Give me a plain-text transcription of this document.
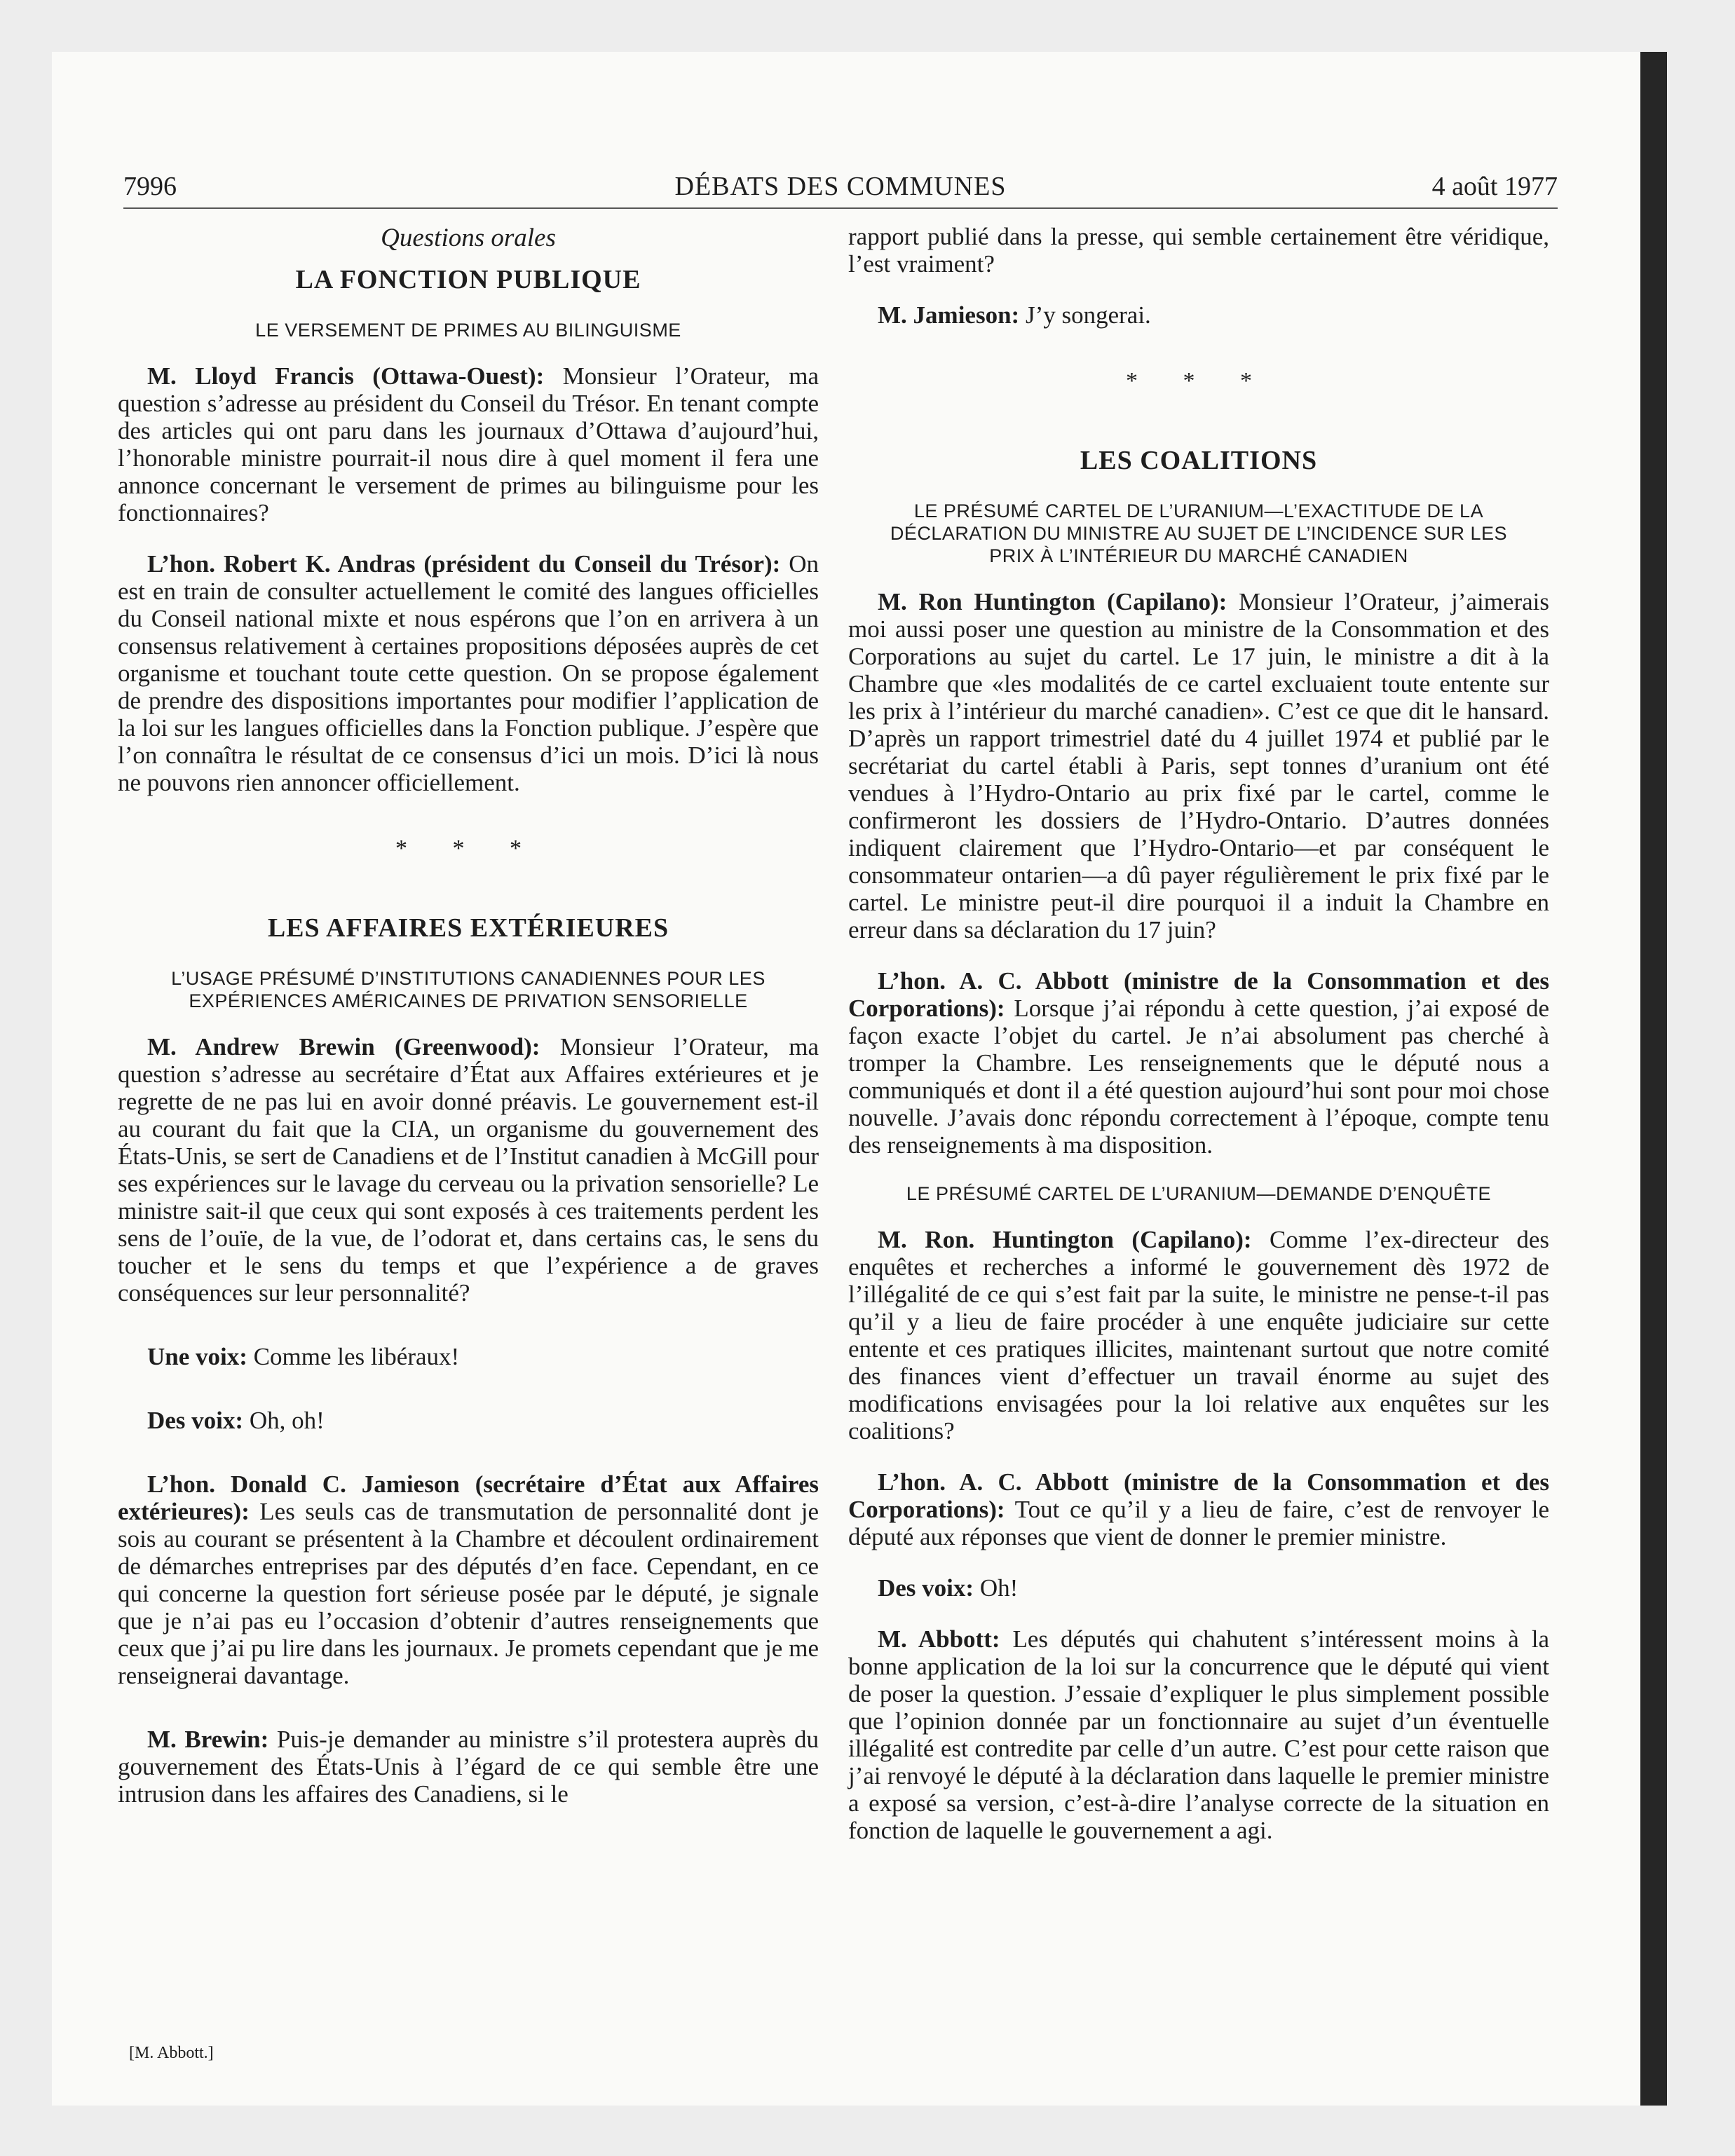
7996	DÉBATS DES COMMUNES	4 août 1977
Questions orales
LA FONCTION PUBLIQUE
LE VERSEMENT DE PRIMES AU BILINGUISME

M. Lloyd Francis (Ottawa-Ouest): Monsieur l’Orateur, ma question s’adresse au président du Conseil du Trésor. En tenant compte des articles qui ont paru dans les journaux d’Ottawa d’aujourd’hui, l’honorable ministre pourrait-il nous dire à quel moment il fera une annonce concernant le versement de primes au bilinguisme pour les fonctionnaires?

L’hon. Robert K. Andras (président du Conseil du Trésor): On est en train de consulter actuellement le comité des langues officielles du Conseil national mixte et nous espérons que l’on en arrivera à un consensus relativement à certaines propositions déposées auprès de cet organisme et touchant toute cette question. On se propose également de prendre des dispositions importantes pour modifier l’application de la loi sur les langues officielles dans la Fonction publique. J’espère que l’on connaîtra le résultat de ce consensus d’ici un mois. D’ici là nous ne pouvons rien annoncer officiellement.

* * *
LES AFFAIRES EXTÉRIEURES
L’USAGE PRÉSUMÉ D’INSTITUTIONS CANADIENNES POUR LES EXPÉRIENCES AMÉRICAINES DE PRIVATION SENSORIELLE

M. Andrew Brewin (Greenwood): Monsieur l’Orateur, ma question s’adresse au secrétaire d’État aux Affaires extérieures et je regrette de ne pas lui en avoir donné préavis. Le gouvernement est-il au courant du fait que la CIA, un organisme du gouvernement des États-Unis, se sert de Canadiens et de l’Institut canadien à McGill pour ses expériences sur le lavage du cerveau ou la privation sensorielle? Le ministre sait-il que ceux qui sont exposés à ces traitements perdent les sens de l’ouïe, de la vue, de l’odorat et, dans certains cas, le sens du toucher et le sens du temps et que l’expérience a de graves conséquences sur leur personnalité?

Une voix: Comme les libéraux!

Des voix: Oh, oh!

L’hon. Donald C. Jamieson (secrétaire d’État aux Affaires extérieures): Les seuls cas de transmutation de personnalité dont je sois au courant se présentent à la Chambre et découlent ordinairement de démarches entreprises par des députés d’en face. Cependant, en ce qui concerne la question fort sérieuse posée par le député, je signale que je n’ai pas eu l’occasion d’obtenir d’autres renseignements que ceux que j’ai pu lire dans les journaux. Je promets cependant que je me renseignerai davantage.

M. Brewin: Puis-je demander au ministre s’il protestera auprès du gouvernement des États-Unis à l’égard de ce qui semble être une intrusion dans les affaires des Canadiens, si le

rapport publié dans la presse, qui semble certainement être véridique, l’est vraiment?

M. Jamieson: J’y songerai.

* * *
LES COALITIONS
LE PRÉSUMÉ CARTEL DE L’URANIUM—L’EXACTITUDE DE LA DÉCLARATION DU MINISTRE AU SUJET DE L’INCIDENCE SUR LES PRIX À L’INTÉRIEUR DU MARCHÉ CANADIEN

M. Ron Huntington (Capilano): Monsieur l’Orateur, j’aimerais moi aussi poser une question au ministre de la Consommation et des Corporations au sujet du cartel. Le 17 juin, le ministre a dit à la Chambre que «les modalités de ce cartel excluaient toute entente sur les prix à l’intérieur du marché canadien». C’est ce que dit le hansard. D’après un rapport trimestriel daté du 4 juillet 1974 et publié par le secrétariat du cartel établi à Paris, sept tonnes d’uranium ont été vendues à l’Hydro-Ontario au prix fixé par le cartel, comme le confirmeront les dossiers de l’Hydro-Ontario. D’autres données indiquent clairement que l’Hydro-Ontario—et par conséquent le consommateur ontarien—a dû payer régulièrement le prix fixé par le cartel. Le ministre peut-il dire pourquoi il a induit la Chambre en erreur dans sa déclaration du 17 juin?

L’hon. A. C. Abbott (ministre de la Consommation et des Corporations): Lorsque j’ai répondu à cette question, j’ai exposé de façon exacte l’objet du cartel. Je n’ai absolument pas cherché à tromper la Chambre. Les renseignements que le député nous a communiqués et dont il a été question aujourd’hui sont pour moi chose nouvelle. J’avais donc répondu correctement à l’époque, compte tenu des renseignements à ma disposition.

LE PRÉSUMÉ CARTEL DE L’URANIUM—DEMANDE D’ENQUÊTE

M. Ron. Huntington (Capilano): Comme l’ex-directeur des enquêtes et recherches a informé le gouvernement dès 1972 de l’illégalité de ce qui s’est fait par la suite, le ministre ne pense-t-il pas qu’il y a lieu de faire procéder à une enquête judiciaire sur cette entente et ces pratiques illicites, maintenant surtout que notre comité des finances vient d’effectuer un travail énorme au sujet des modifications envisagées pour la loi relative aux enquêtes sur les coalitions?

L’hon. A. C. Abbott (ministre de la Consommation et des Corporations): Tout ce qu’il y a lieu de faire, c’est de renvoyer le député aux réponses que vient de donner le premier ministre.

Des voix: Oh!

M. Abbott: Les députés qui chahutent s’intéressent moins à la bonne application de la loi sur la concurrence que le député qui vient de poser la question. J’essaie d’expliquer le plus simplement possible que l’opinion donnée par un fonctionnaire au sujet d’un éventuelle illégalité est contredite par celle d’un autre. C’est pour cette raison que j’ai renvoyé le député à la déclaration dans laquelle le premier ministre a exposé sa version, c’est-à-dire l’analyse correcte de la situation en fonction de laquelle le gouvernement a agi.

[M. Abbott.]
